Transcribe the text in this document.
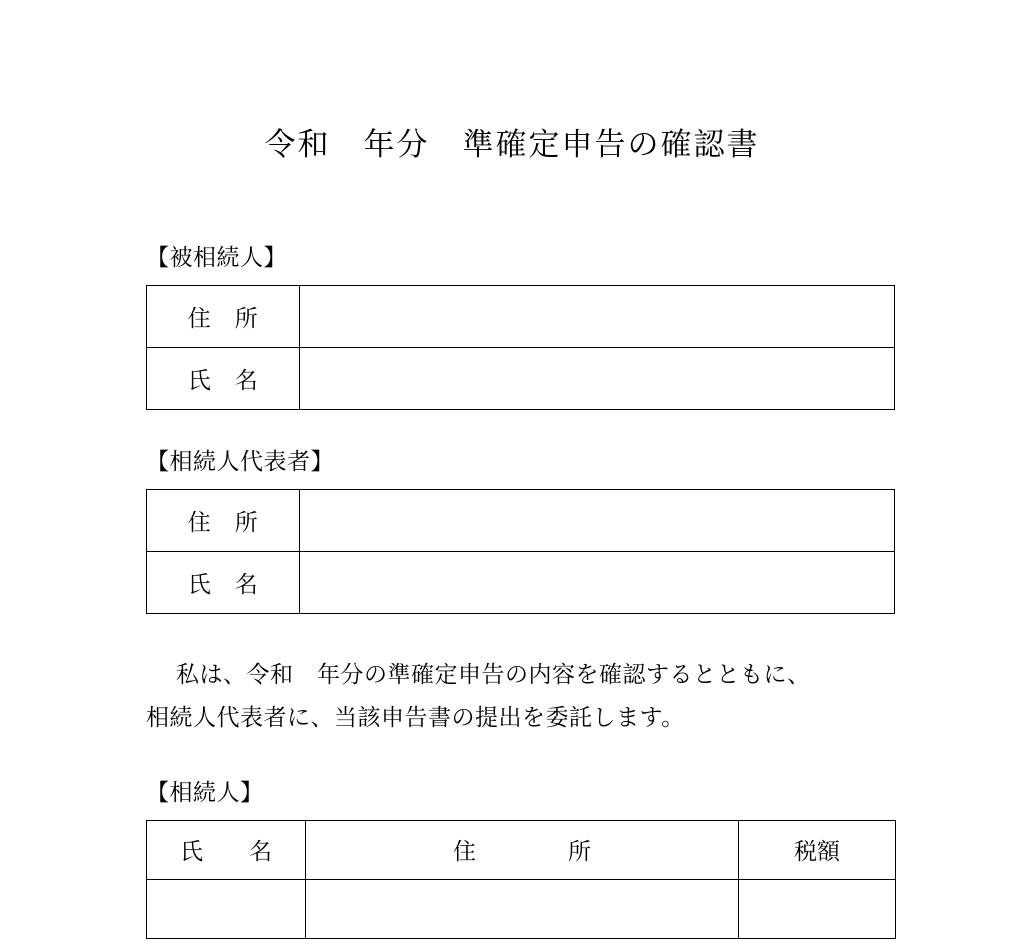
令和　年分　準確定申告の確認書

【被相続人】

住　所	
氏　名	

【相続人代表者】

住　所	
氏　名	

私は、令和　年分の準確定申告の内容を確認するとともに、
相続人代表者に、当該申告書の提出を委託します。

【相続人】

氏　　名	住　　　　所	税額
